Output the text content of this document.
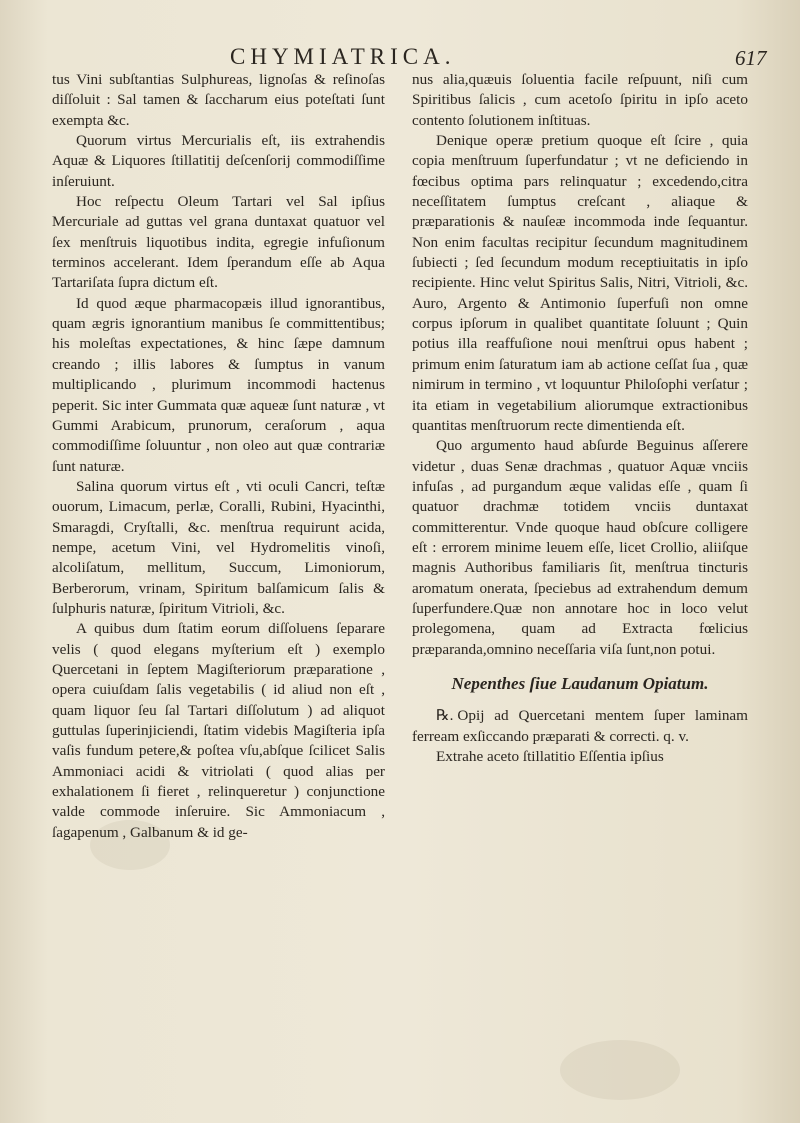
CHYMIATRICA.	617

tus Vini subſtantias Sulphureas, lignoſas & reſinoſas diſſoluit : Sal tamen & ſaccharum eius poteſtati ſunt exempta &c.

Quorum virtus Mercurialis eſt, iis extrahendis Aquæ & Liquores ſtillatitij deſcenſorij commodiſſime inſeruiunt.

Hoc reſpectu Oleum Tartari vel Sal ipſius Mercuriale ad guttas vel grana duntaxat quatuor vel ſex menſtruis liquotibus indita, egregie infuſionum terminos accelerant. Idem ſperandum eſſe ab Aqua Tartariſata ſupra dictum eſt.

Id quod æque pharmacopæis illud ignorantibus, quam ægris ignorantium manibus ſe committentibus; his moleſtas expectationes, & hinc ſæpe damnum creando ; illis labores & ſumptus in vanum multiplicando , plurimum incommodi hactenus peperit. Sic inter Gummata quæ aqueæ ſunt naturæ , vt Gummi Arabicum, prunorum, ceraſorum , aqua commodiſſime ſoluuntur , non oleo aut quæ contrariæ ſunt naturæ.

Salina quorum virtus eſt , vti oculi Cancri, teſtæ ouorum, Limacum, perlæ, Coralli, Rubini, Hyacinthi, Smaragdi, Cryſtalli, &c. menſtrua requirunt acida, nempe, acetum Vini, vel Hydromelitis vinoſi, alcoliſatum, mellitum, Succum, Limoniorum, Berberorum, vrinam, Spiritum balſamicum ſalis & ſulphuris naturæ, ſpiritum Vitrioli, &c.

A quibus dum ſtatim eorum diſſoluens ſeparare velis ( quod elegans myſterium eſt ) exemplo Quercetani in ſeptem Magiſteriorum præparatione , opera cuiuſdam ſalis vegetabilis ( id aliud non eſt , quam liquor ſeu ſal Tartari diſſolutum ) ad aliquot guttulas ſuperinjiciendi, ſtatim videbis Magiſteria ipſa vaſis fundum petere,& poſtea vſu,abſque ſcilicet Salis Ammoniaci acidi & vitriolati ( quod alias per exhalationem ſi fieret , relinqueretur ) conjunctione valde commode inſeruire. Sic Ammoniacum , ſagapenum , Galbanum & id ge-

nus alia,quæuis ſoluentia facile reſpuunt, niſi cum Spiritibus ſalicis , cum acetoſo ſpiritu in ipſo aceto contento ſolutionem inſtituas.

Denique operæ pretium quoque eſt ſcire , quia copia menſtruum ſuperfundatur ; vt ne deficiendo in fœcibus optima pars relinquatur ; excedendo,citra neceſſitatem ſumptus creſcant , aliaque & præparationis & nauſeæ incommoda inde ſequantur. Non enim facultas recipitur ſecundum magnitudinem ſubiecti ; ſed ſecundum modum receptiuitatis in ipſo recipiente. Hinc velut Spiritus Salis, Nitri, Vitrioli, &c. Auro, Argento & Antimonio ſuperfuſi non omne corpus ipſorum in qualibet quantitate ſoluunt ; Quin potius illa reaffuſione noui menſtrui opus habent ; primum enim ſaturatum iam ab actione ceſſat ſua , quæ nimirum in termino , vt loquuntur Philoſophi verſatur ; ita etiam in vegetabilium aliorumque extractionibus quantitas menſtruorum recte dimentienda eſt.

Quo argumento haud abſurde Beguinus aſſerere videtur , duas Senæ drachmas , quatuor Aquæ vnciis infuſas , ad purgandum æque validas eſſe , quam ſi quatuor drachmæ totidem vnciis duntaxat committerentur. Vnde quoque haud obſcure colligere eſt : errorem minime leuem eſſe, licet Crollio, aliiſque magnis Authoribus familiaris ſit, menſtrua tincturis aromatum onerata, ſpeciebus ad extrahendum demum ſuperfundere.Quæ non annotare hoc in loco velut prolegomena, quam ad Extracta fœlicius præparanda,omnino neceſſaria viſa ſunt,non potui.

Nepenthes ſiue Laudanum Opiatum.

℞. Opij ad Quercetani mentem ſuper laminam ferream exſiccando præparati & correcti. q. v.

Extrahe aceto ſtillatitio Eſſentia ipſius
